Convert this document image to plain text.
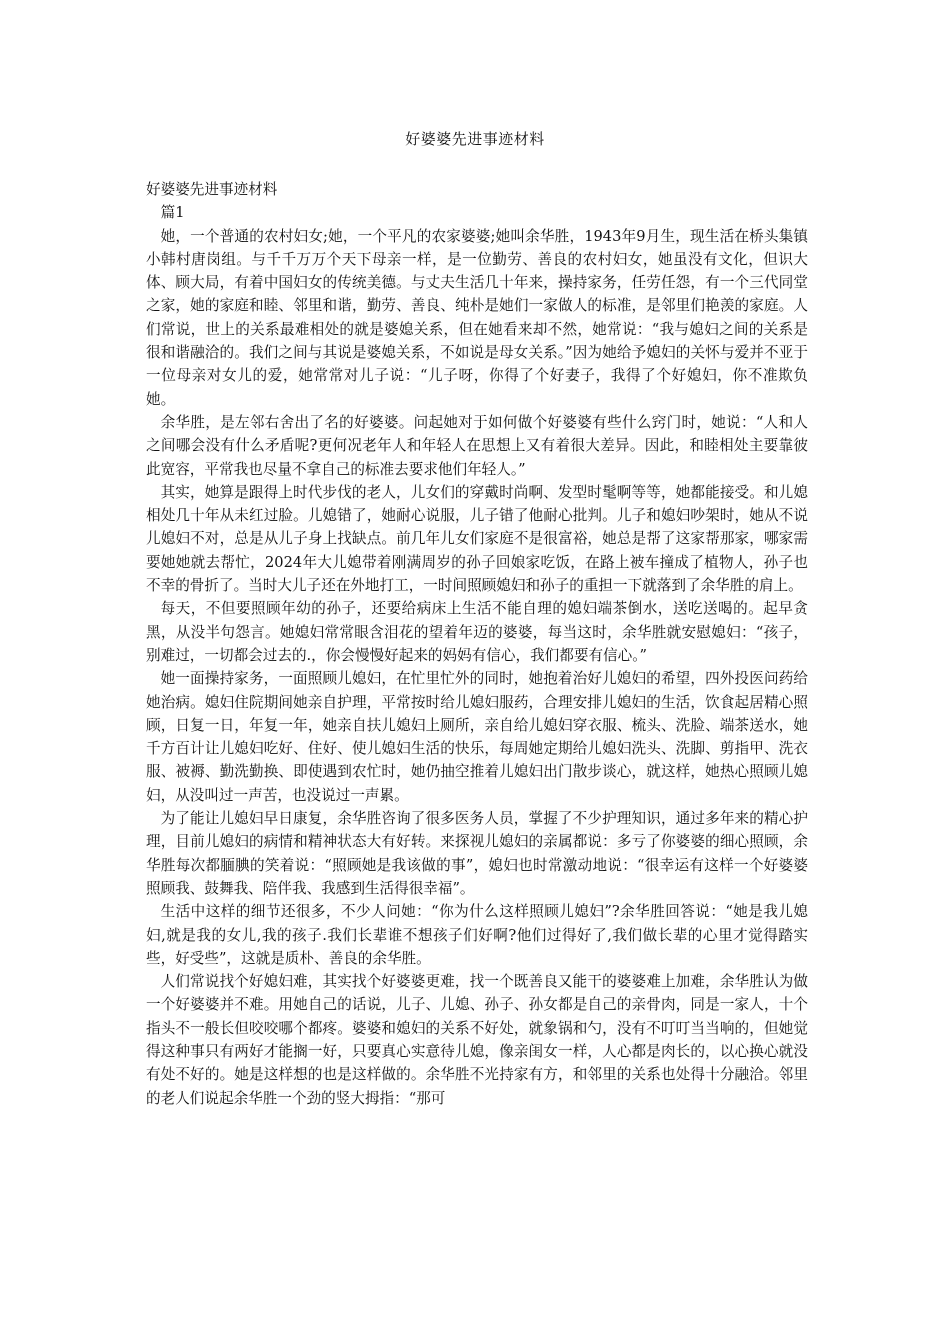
好婆婆先进事迹材料

好婆婆先进事迹材料

篇1

她，一个普通的农村妇女;她，一个平凡的农家婆婆;她叫余华胜，1943年9月生，现生活在桥头集镇小韩村唐岗组。与千千万万个天下母亲一样，是一位勤劳、善良的农村妇女，她虽没有文化，但识大体、顾大局，有着中国妇女的传统美德。与丈夫生活几十年来，操持家务，任劳任怨，有一个三代同堂之家，她的家庭和睦、邻里和谐，勤劳、善良、纯朴是她们一家做人的标准，是邻里们艳羡的家庭。人们常说，世上的关系最难相处的就是婆媳关系，但在她看来却不然，她常说：“我与媳妇之间的关系是很和谐融洽的。我们之间与其说是婆媳关系，不如说是母女关系。”因为她给予媳妇的关怀与爱并不亚于一位母亲对女儿的爱，她常常对儿子说：“儿子呀，你得了个好妻子，我得了个好媳妇，你不准欺负她。

余华胜，是左邻右舍出了名的好婆婆。问起她对于如何做个好婆婆有些什么窍门时，她说：“人和人之间哪会没有什么矛盾呢?更何况老年人和年轻人在思想上又有着很大差异。因此，和睦相处主要靠彼此宽容，平常我也尽量不拿自己的标准去要求他们年轻人。”

其实，她算是跟得上时代步伐的老人，儿女们的穿戴时尚啊、发型时髦啊等等，她都能接受。和儿媳相处几十年从未红过脸。儿媳错了，她耐心说服，儿子错了他耐心批判。儿子和媳妇吵架时，她从不说儿媳妇不对，总是从儿子身上找缺点。前几年儿女们家庭不是很富裕，她总是帮了这家帮那家，哪家需要她她就去帮忙，2024年大儿媳带着刚满周岁的孙子回娘家吃饭，在路上被车撞成了植物人，孙子也不幸的骨折了。当时大儿子还在外地打工，一时间照顾媳妇和孙子的重担一下就落到了余华胜的肩上。

每天，不但要照顾年幼的孙子，还要给病床上生活不能自理的媳妇端茶倒水，送吃送喝的。起早贪黑，从没半句怨言。她媳妇常常眼含泪花的望着年迈的婆婆，每当这时，余华胜就安慰媳妇：“孩子，别难过，一切都会过去的.，你会慢慢好起来的妈妈有信心，我们都要有信心。”

她一面操持家务，一面照顾儿媳妇，在忙里忙外的同时，她抱着治好儿媳妇的希望，四外投医问药给她治病。媳妇住院期间她亲自护理，平常按时给儿媳妇服药，合理安排儿媳妇的生活，饮食起居精心照顾，日复一日，年复一年，她亲自扶儿媳妇上厕所，亲自给儿媳妇穿衣服、梳头、洗脸、端茶送水，她千方百计让儿媳妇吃好、住好、使儿媳妇生活的快乐，每周她定期给儿媳妇洗头、洗脚、剪指甲、洗衣服、被褥、勤洗勤换、即使遇到农忙时，她仍抽空推着儿媳妇出门散步谈心，就这样，她热心照顾儿媳妇，从没叫过一声苦，也没说过一声累。

为了能让儿媳妇早日康复，余华胜咨询了很多医务人员，掌握了不少护理知识，通过多年来的精心护理，目前儿媳妇的病情和精神状态大有好转。来探视儿媳妇的亲属都说：多亏了你婆婆的细心照顾，余华胜每次都腼腆的笑着说：“照顾她是我该做的事”，媳妇也时常激动地说：“很幸运有这样一个好婆婆照顾我、鼓舞我、陪伴我、我感到生活得很幸福”。

生活中这样的细节还很多，不少人问她：“你为什么这样照顾儿媳妇”?余华胜回答说：“她是我儿媳妇,就是我的女儿,我的孩子.我们长辈谁不想孩子们好啊?他们过得好了,我们做长辈的心里才觉得踏实些，好受些”，这就是质朴、善良的余华胜。

人们常说找个好媳妇难，其实找个好婆婆更难，找一个既善良又能干的婆婆难上加难，余华胜认为做一个好婆婆并不难。用她自己的话说，儿子、儿媳、孙子、孙女都是自己的亲骨肉，同是一家人，十个指头不一般长但咬咬哪个都疼。婆婆和媳妇的关系不好处，就象锅和勺，没有不叮叮当当响的，但她觉得这种事只有两好才能搁一好，只要真心实意待儿媳，像亲闺女一样，人心都是肉长的，以心换心就没有处不好的。她是这样想的也是这样做的。余华胜不光持家有方，和邻里的关系也处得十分融洽。邻里的老人们说起余华胜一个劲的竖大拇指：“那可
